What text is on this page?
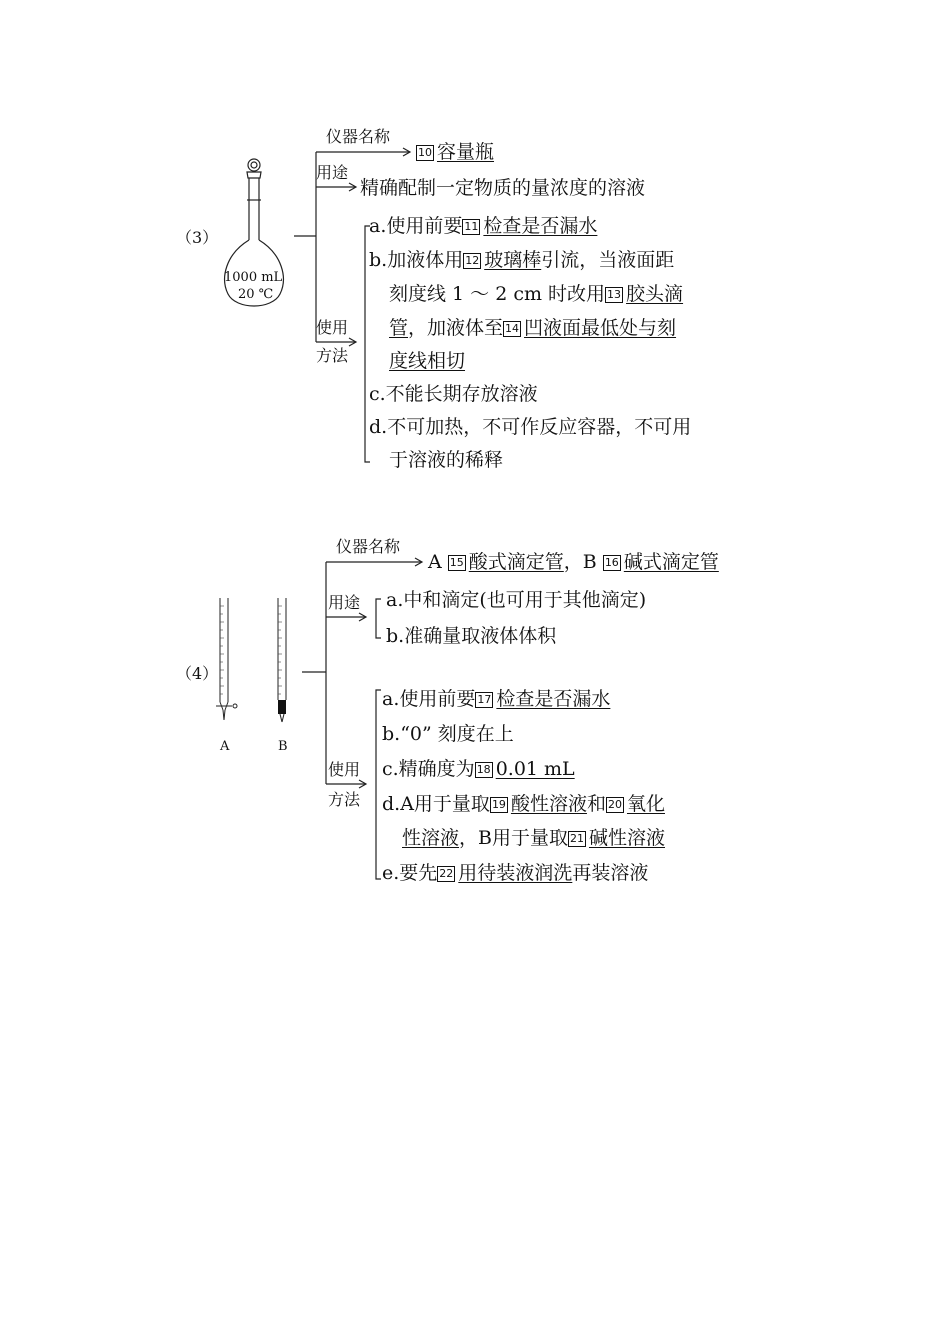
1000 mL
20 ℃
（3）
仪器名称
10 容量瓶
用途
精确配制一定物质的量浓度的溶液
使用
方法
a.使用前要 11 检查是否漏水
b.加液体用 12 玻璃棒引流，当液面距
刻度线 1 ～ 2 cm 时改用 13 胶头滴
管，加液体至 14 凹液面最低处与刻
度线相切
c.不能长期存放溶液
d.不可加热，不可作反应容器，不可用
于溶液的稀释
A	B
（4）
仪器名称
A 15 酸式滴定管，B 16 碱式滴定管
用途 a.中和滴定(也可用于其他滴定)
b.准确量取液体体积
使用
方法
a.使用前要 17 检查是否漏水
b.“0” 刻度在上
c.精确度为 18 0.01 mL
d.A用于量取 19 酸性溶液和 20 氧化
性溶液，B用于量取 21 碱性溶液
e.要先 22 用待装液润洗再装溶液
